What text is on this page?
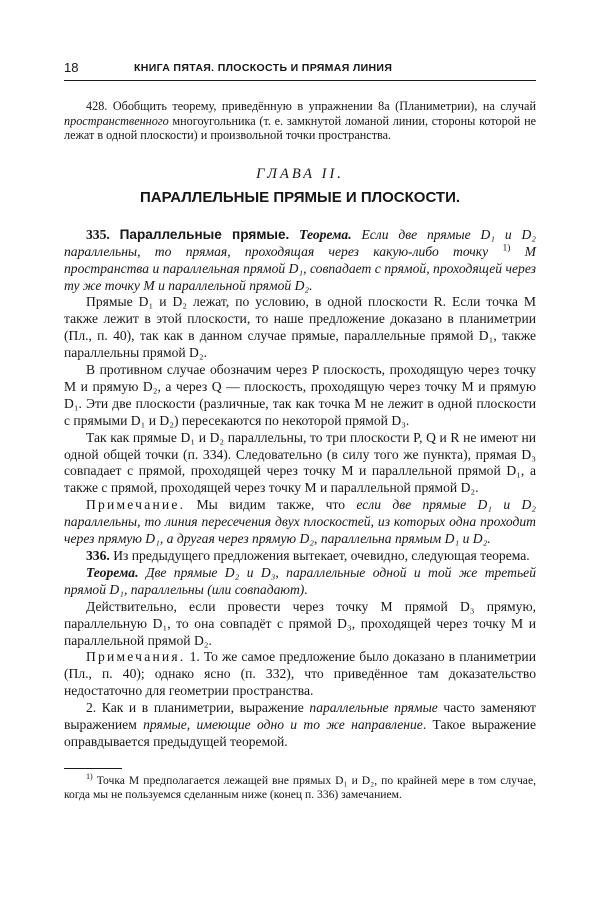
18	КНИГА ПЯТАЯ. ПЛОСКОСТЬ И ПРЯМАЯ ЛИНИЯ

428. Обобщить теорему, приведённую в упражнении 8а (Планиметрии), на случай пространственного многоугольника (т. е. замкнутой ломаной линии, стороны которой не лежат в одной плоскости) и произвольной точки пространства.

ГЛАВА II.
ПАРАЛЛЕЛЬНЫЕ ПРЯМЫЕ И ПЛОСКОСТИ.

335. Параллельные прямые. Теорема. Если две прямые D₁ и D₂ параллельны, то прямая, проходящая через какую-либо точку $^{1)}$ M пространства и параллельная прямой D₁, совпадает с прямой, проходящей через ту же точку M и параллельной прямой D₂.

Прямые D₁ и D₂ лежат, по условию, в одной плоскости R. Если точка M также лежит в этой плоскости, то наше предложение доказано в планиметрии (Пл., п. 40), так как в данном случае прямые, параллельные прямой D₁, также параллельны прямой D₂.

В противном случае обозначим через P плоскость, проходящую через точку M и прямую D₂, а через Q — плоскость, проходящую через точку M и прямую D₁. Эти две плоскости (различные, так как точка M не лежит в одной плоскости с прямыми D₁ и D₂) пересекаются по некоторой прямой D₃.

Так как прямые D₁ и D₂ параллельны, то три плоскости P, Q и R не имеют ни одной общей точки (п. 334). Следовательно (в силу того же пункта), прямая D₃ совпадает с прямой, проходящей через точку M и параллельной прямой D₁, а также с прямой, проходящей через точку M и параллельной прямой D₂.

Примечание. Мы видим также, что если две прямые D₁ и D₂ параллельны, то линия пересечения двух плоскостей, из которых одна проходит через прямую D₁, а другая через прямую D₂, параллельна прямым D₁ и D₂.

336. Из предыдущего предложения вытекает, очевидно, следующая теорема.

Теорема. Две прямые D₂ и D₃, параллельные одной и той же третьей прямой D₁, параллельны (или совпадают).

Действительно, если провести через точку M прямой D₃ прямую, параллельную D₁, то она совпадёт с прямой D₃, проходящей через точку M и параллельной прямой D₂.

Примечания. 1. То же самое предложение было доказано в планиметрии (Пл., п. 40); однако ясно (п. 332), что приведённое там доказательство недостаточно для геометрии пространства.

2. Как и в планиметрии, выражение параллельные прямые часто заменяют выражением прямые, имеющие одно и то же направление. Такое выражение оправдывается предыдущей теоремой.

$^{1)}$ Точка M предполагается лежащей вне прямых D₁ и D₂, по крайней мере в том случае, когда мы не пользуемся сделанным ниже (конец п. 336) замечанием.
